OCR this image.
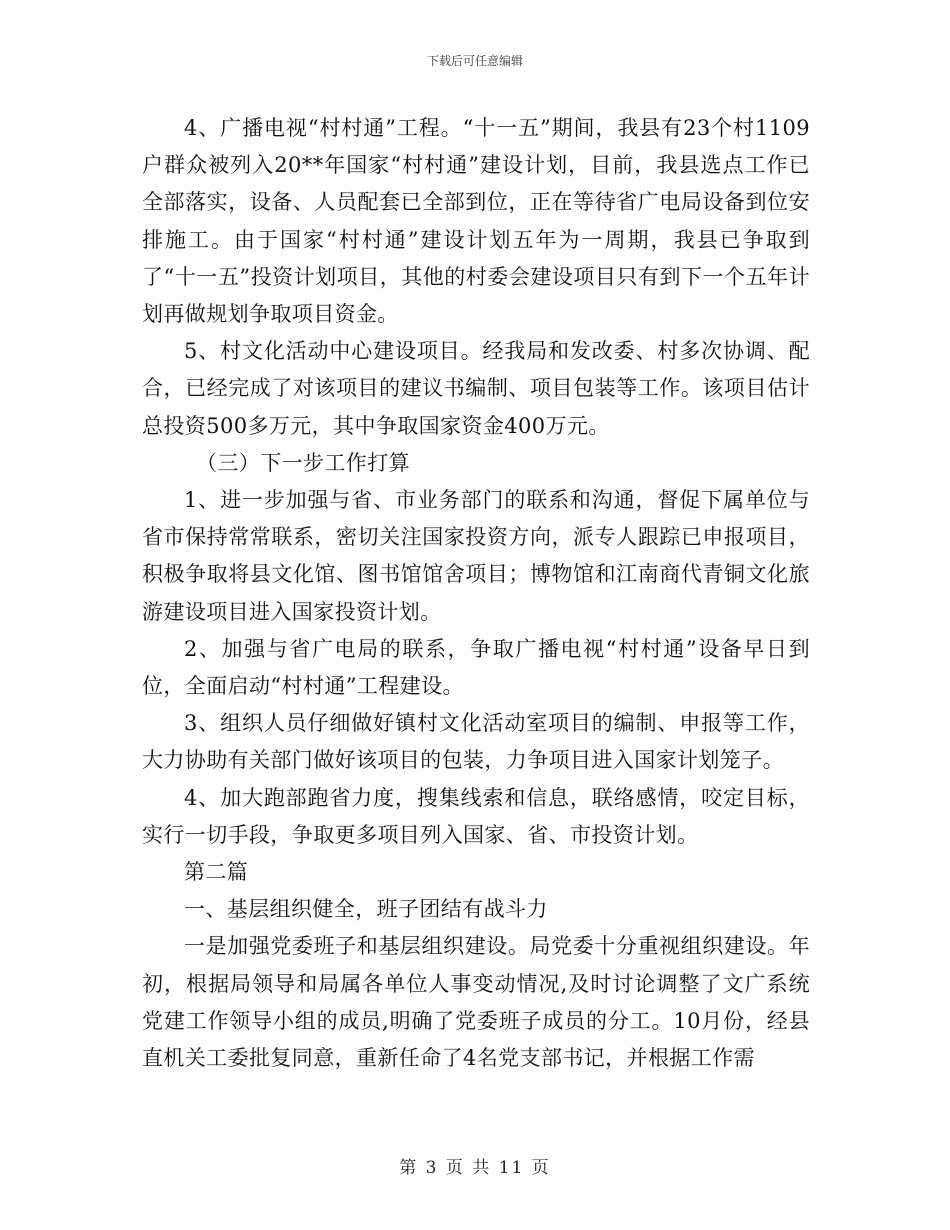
下载后可任意编辑

4、广播电视“村村通”工程。“十一五”期间，我县有23个村1109户群众被列入20**年国家“村村通”建设计划，目前，我县选点工作已全部落实，设备、人员配套已全部到位，正在等待省广电局设备到位安排施工。由于国家“村村通”建设计划五年为一周期，我县已争取到了“十一五”投资计划项目，其他的村委会建设项目只有到下一个五年计划再做规划争取项目资金。

5、村文化活动中心建设项目。经我局和发改委、村多次协调、配合，已经完成了对该项目的建议书编制、项目包装等工作。该项目估计总投资500多万元，其中争取国家资金400万元。

（三）下一步工作打算

1、进一步加强与省、市业务部门的联系和沟通，督促下属单位与省市保持常常联系，密切关注国家投资方向，派专人跟踪已申报项目，积极争取将县文化馆、图书馆馆舍项目；博物馆和江南商代青铜文化旅游建设项目进入国家投资计划。

2、加强与省广电局的联系，争取广播电视“村村通”设备早日到位，全面启动“村村通”工程建设。

3、组织人员仔细做好镇村文化活动室项目的编制、申报等工作，大力协助有关部门做好该项目的包装，力争项目进入国家计划笼子。

4、加大跑部跑省力度，搜集线索和信息，联络感情，咬定目标，实行一切手段，争取更多项目列入国家、省、市投资计划。

第二篇

一、基层组织健全，班子团结有战斗力

一是加强党委班子和基层组织建设。局党委十分重视组织建设。年初，根据局领导和局属各单位人事变动情况,及时讨论调整了文广系统党建工作领导小组的成员,明确了党委班子成员的分工。10月份，经县直机关工委批复同意，重新任命了4名党支部书记，并根据工作需

第 3 页 共 11 页
